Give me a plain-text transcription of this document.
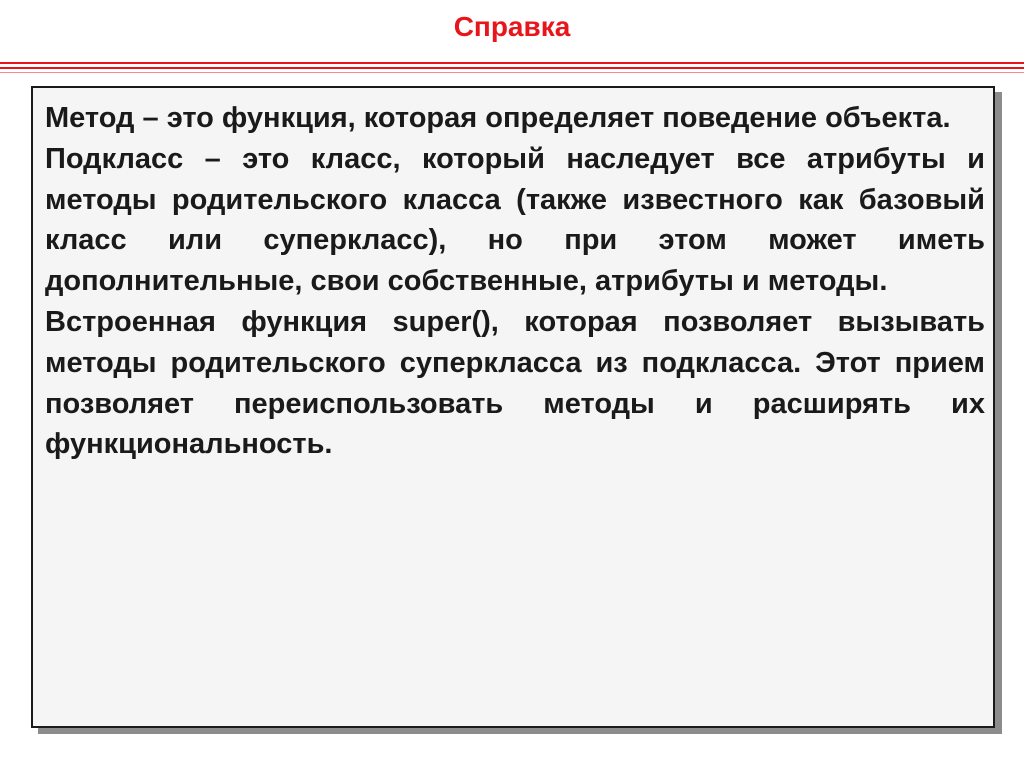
Справка

Метод – это функция, которая определяет поведение объекта.

Подкласс – это класс, который наследует все атрибуты и методы родительского класса (также известного как базовый класс или суперкласс), но при этом может иметь дополнительные, свои собственные, атрибуты и методы.

Встроенная функция super(), которая позволяет вызывать методы родительского суперкласса из подкласса. Этот прием позволяет переиспользовать методы и расширять их функциональность.
